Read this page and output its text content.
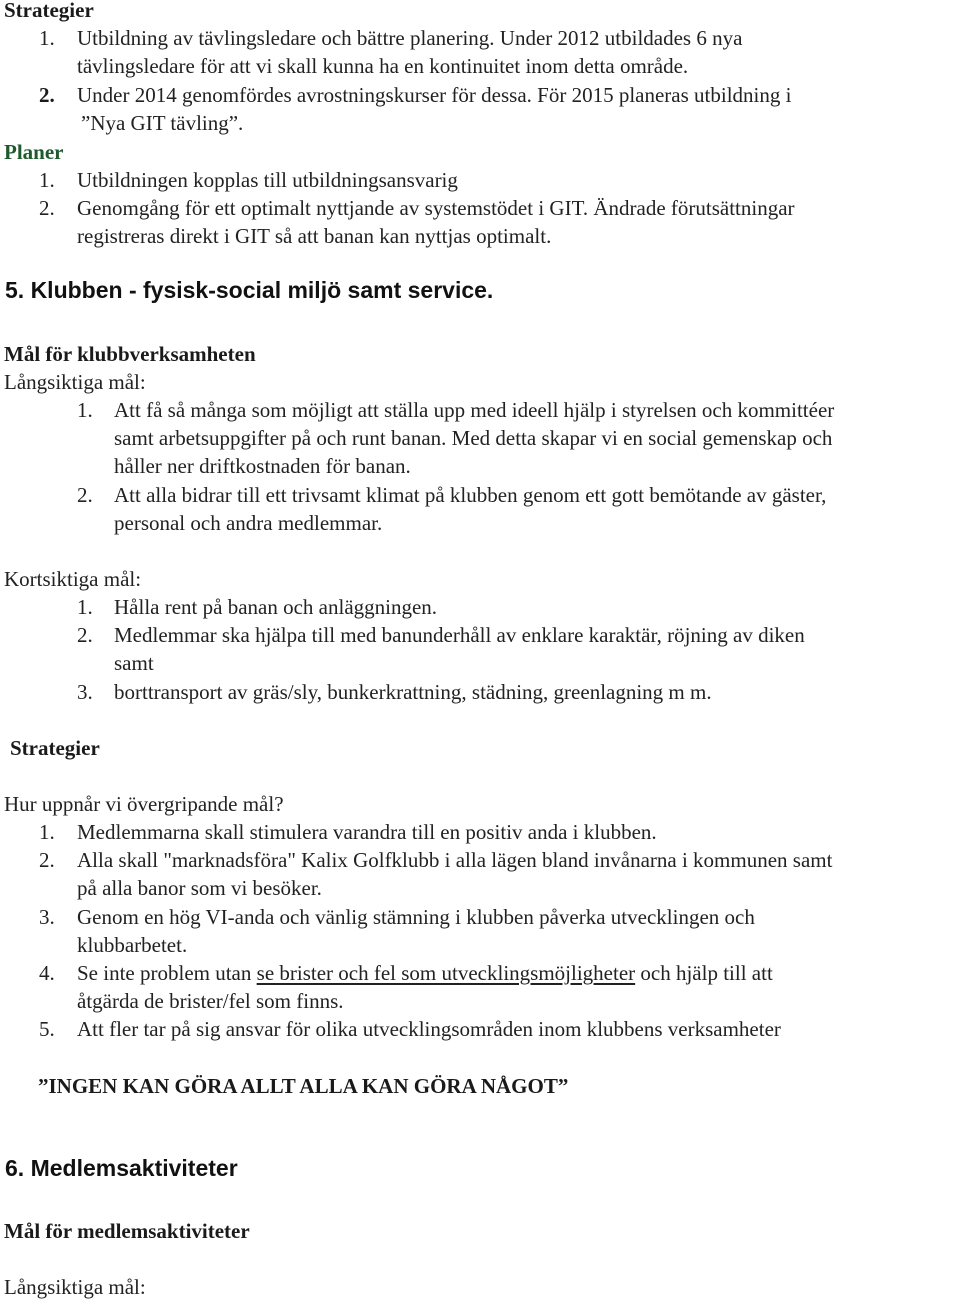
Strategier
1. Utbildning av tävlingsledare och bättre planering. Under 2012 utbildades 6 nya
tävlingsledare för att vi skall kunna ha en kontinuitet inom detta område.
2. Under 2014 genomfördes avrostningskurser för dessa. För 2015 planeras utbildning i
”Nya GIT tävling”.
Planer
1. Utbildningen kopplas till utbildningsansvarig
2. Genomgång för ett optimalt nyttjande av systemstödet i GIT. Ändrade förutsättningar
registreras direkt i GIT så att banan kan nyttjas optimalt.
5. Klubben - fysisk-social miljö samt service.
Mål för klubbverksamheten
Långsiktiga mål:
1. Att få så många som möjligt att ställa upp med ideell hjälp i styrelsen och kommittéer
samt arbetsuppgifter på och runt banan. Med detta skapar vi en social gemenskap och
håller ner driftkostnaden för banan.
2. Att alla bidrar till ett trivsamt klimat på klubben genom ett gott bemötande av gäster,
personal och andra medlemmar.
Kortsiktiga mål:
1. Hålla rent på banan och anläggningen.
2. Medlemmar ska hjälpa till med banunderhåll av enklare karaktär, röjning av diken
samt
3. borttransport av gräs/sly, bunkerkrattning, städning, greenlagning m m.
Strategier
Hur uppnår vi övergripande mål?
1. Medlemmarna skall stimulera varandra till en positiv anda i klubben.
2. Alla skall "marknadsföra" Kalix Golfklubb i alla lägen bland invånarna i kommunen samt
på alla banor som vi besöker.
3. Genom en hög VI-anda och vänlig stämning i klubben påverka utvecklingen och
klubbarbetet.
4. Se inte problem utan se brister och fel som utvecklingsmöjligheter och hjälp till att
åtgärda de brister/fel som finns.
5. Att fler tar på sig ansvar för olika utvecklingsområden inom klubbens verksamheter
”INGEN KAN GÖRA ALLT ALLA KAN GÖRA NÅGOT”
6. Medlemsaktiviteter
Mål för medlemsaktiviteter
Långsiktiga mål:
